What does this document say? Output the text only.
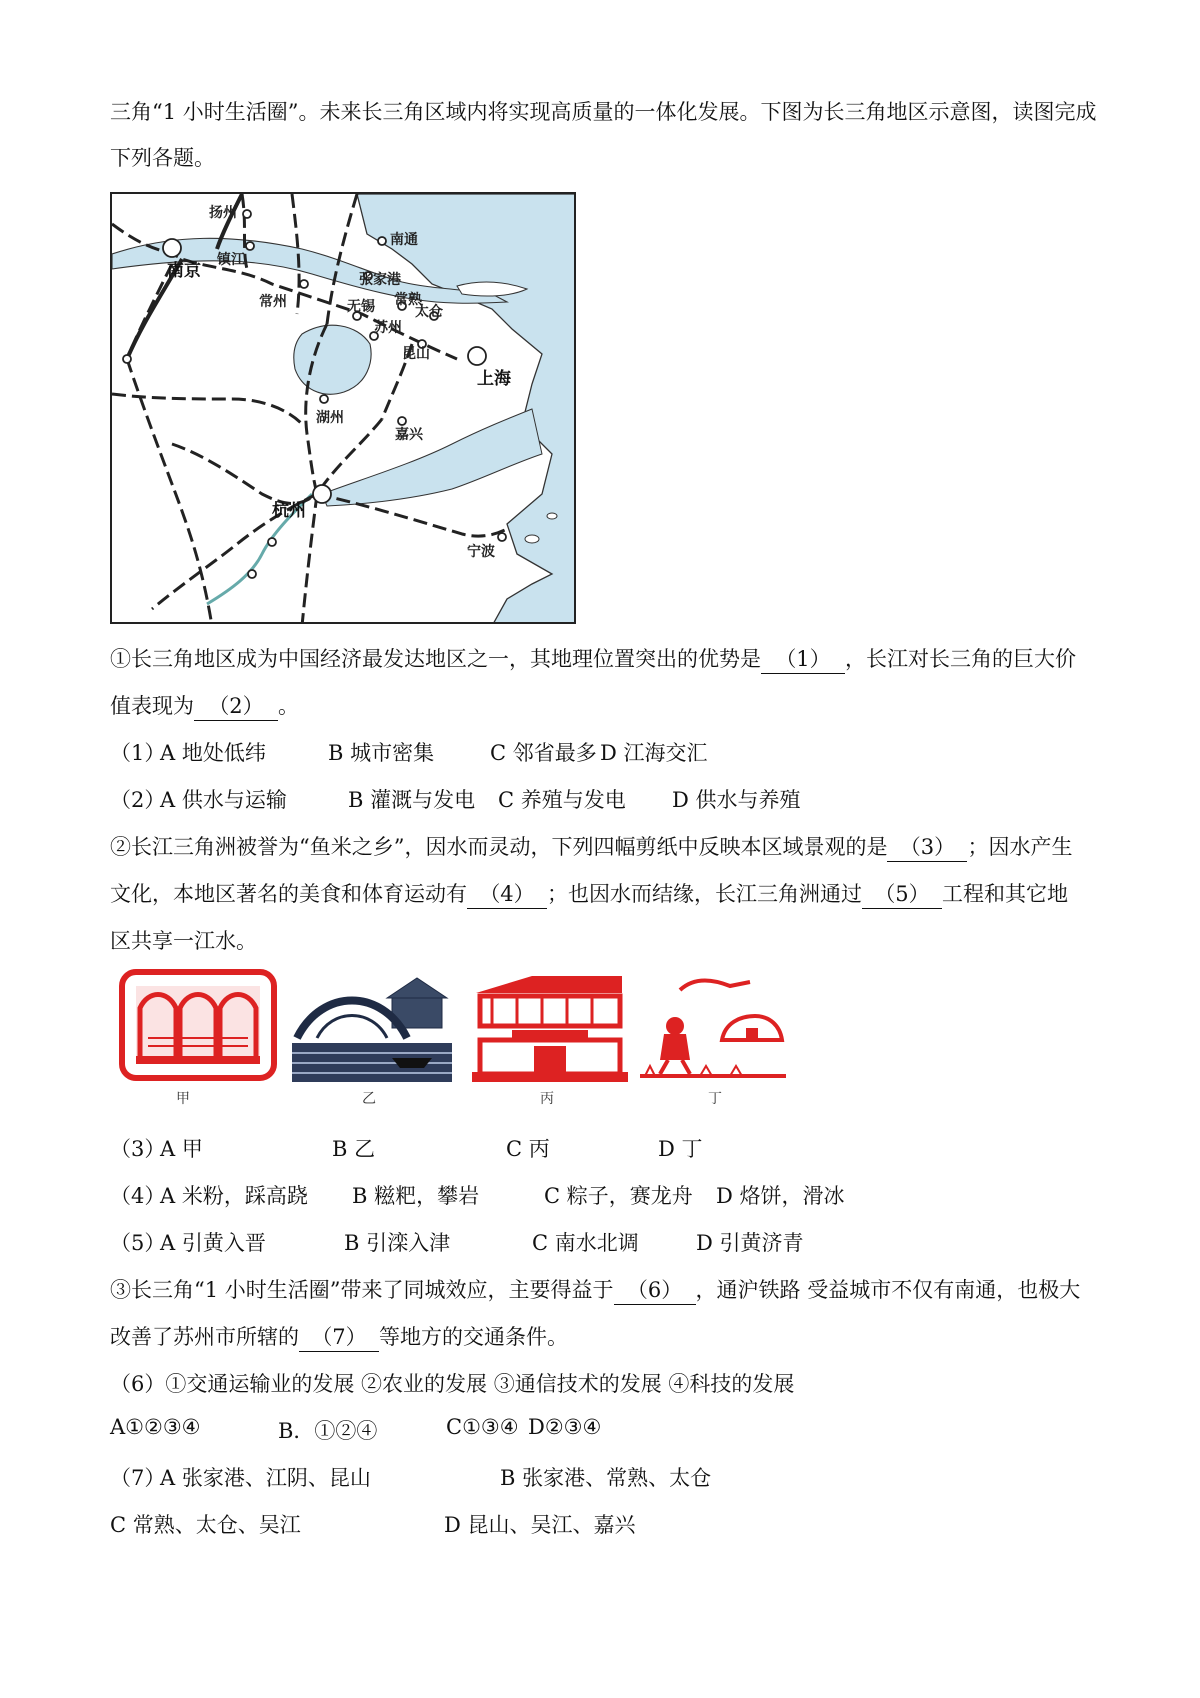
三角“1 小时生活圈”。未来长三角区域内将实现高质量的一体化发展。下图为长三角地区示意图，读图完成
下列各题。
扬州
南京
镇江
南通
张家港
常州	常熟
太仓
无锡
苏州
昆山
上海
湖州
嘉兴
杭州
宁波
①长三角地区成为中国经济最发达地区之一，其地理位置突出的优势是 （1） ，长江对长三角的巨大价
值表现为 （2） 。
（1）
A 地处低纬	B 城市密集	C 邻省最多 D 江海交汇
（2）
A 供水与运输	B 灌溉与发电 C 养殖与发电 D 供水与养殖
②长江三角洲被誉为“鱼米之乡”，因水而灵动，下列四幅剪纸中反映本区域景观的是 （3） ；因水产生
文化，本地区著名的美食和体育运动有 （4） ；也因水而结缘，长江三角洲通过 （5） 工程和其它地
区共享一江水。
甲	乙	丙	丁
（3）
A 甲	B 乙	C 丙	D 丁
（4）
A 米粉，踩高跷 B 糍粑，攀岩	C 粽子，赛龙舟 D 烙饼，滑冰
（5）
A 引黄入晋	B 引滦入津	C 南水北调	D 引黄济青
③长三角“1 小时生活圈”带来了同城效应，主要得益于 （6） ，通沪铁路 受益城市不仅有南通，也极大
改善了苏州市所辖的 （7） 等地方的交通条件。
（6）①交通运输业的发展 ②农业的发展 ③通信技术的发展 ④科技的发展
A①②③④	B．①②④	C①③④ D②③④
（7）
A 张家港、江阴、昆山	B 张家港、常熟、太仓
C 常熟、太仓、吴江	D 昆山、吴江、嘉兴
